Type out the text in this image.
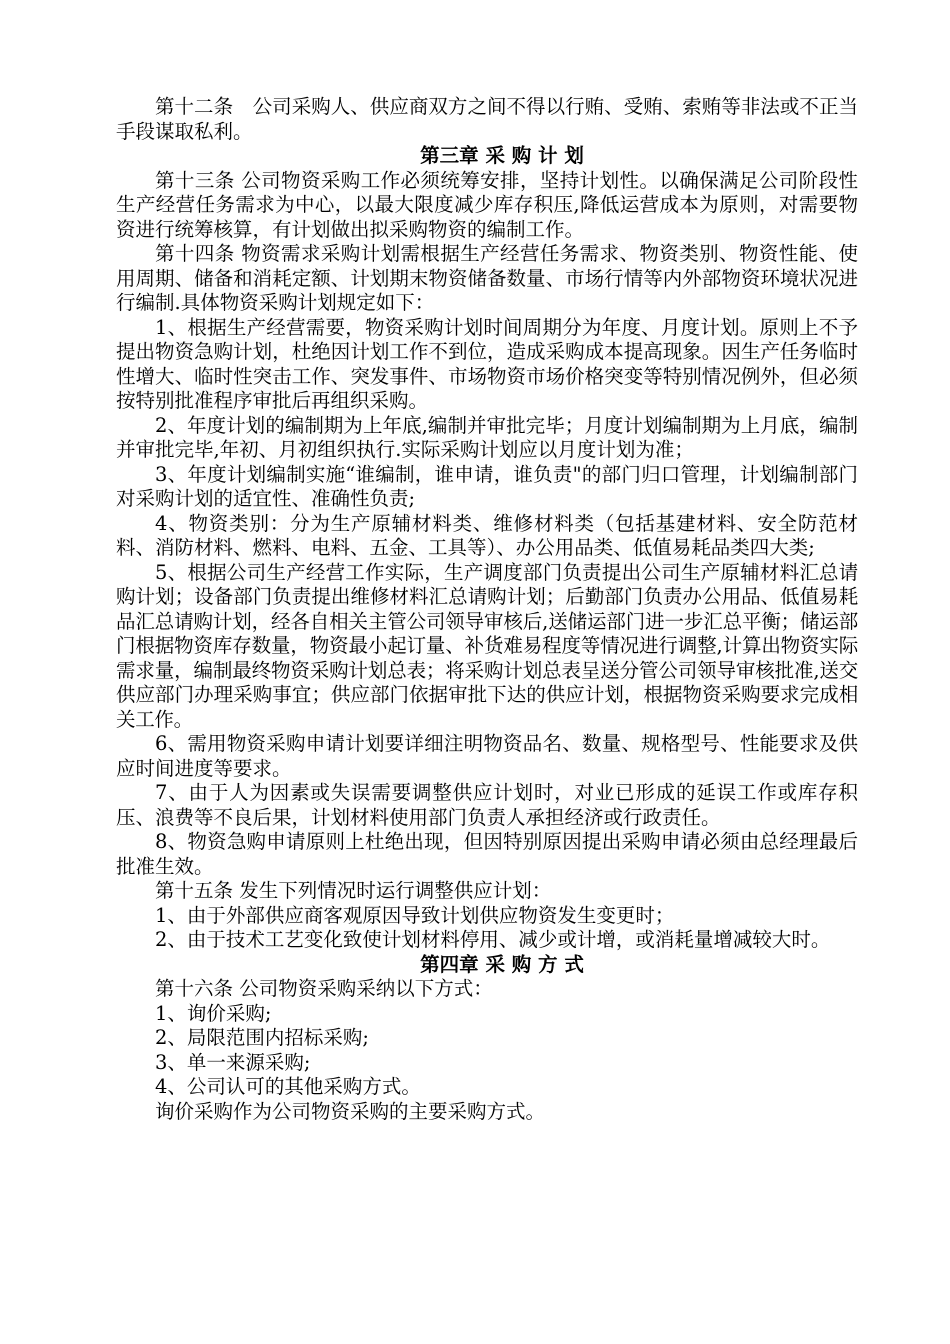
第十二条　公司采购人、供应商双方之间不得以行贿、受贿、索贿等非法或不正当手段谋取私利。

第三章 采 购 计 划

第十三条 公司物资采购工作必须统筹安排，坚持计划性。以确保满足公司阶段性生产经营任务需求为中心，以最大限度减少库存积压,降低运营成本为原则，对需要物资进行统筹核算，有计划做出拟采购物资的编制工作。

第十四条 物资需求采购计划需根据生产经营任务需求、物资类别、物资性能、使用周期、储备和消耗定额、计划期末物资储备数量、市场行情等内外部物资环境状况进行编制.具体物资采购计划规定如下：

1、根据生产经营需要，物资采购计划时间周期分为年度、月度计划。原则上不予提出物资急购计划，杜绝因计划工作不到位，造成采购成本提高现象。因生产任务临时性增大、临时性突击工作、突发事件、市场物资市场价格突变等特别情况例外，但必须按特别批准程序审批后再组织采购。

2、年度计划的编制期为上年底,编制并审批完毕；月度计划编制期为上月底，编制并审批完毕,年初、月初组织执行.实际采购计划应以月度计划为准；

3、年度计划编制实施“谁编制，谁申请，谁负责"的部门归口管理，计划编制部门对采购计划的适宜性、准确性负责;

4、物资类别：分为生产原辅材料类、维修材料类（包括基建材料、安全防范材料、消防材料、燃料、电料、五金、工具等）、办公用品类、低值易耗品类四大类;

5、根据公司生产经营工作实际，生产调度部门负责提出公司生产原辅材料汇总请购计划；设备部门负责提出维修材料汇总请购计划；后勤部门负责办公用品、低值易耗品汇总请购计划，经各自相关主管公司领导审核后,送储运部门进一步汇总平衡；储运部门根据物资库存数量，物资最小起订量、补货难易程度等情况进行调整,计算出物资实际需求量，编制最终物资采购计划总表；将采购计划总表呈送分管公司领导审核批准,送交供应部门办理采购事宜；供应部门依据审批下达的供应计划，根据物资采购要求完成相关工作。

6、需用物资采购申请计划要详细注明物资品名、数量、规格型号、性能要求及供应时间进度等要求。

7、由于人为因素或失误需要调整供应计划时，对业已形成的延误工作或库存积压、浪费等不良后果，计划材料使用部门负责人承担经济或行政责任。

8、物资急购申请原则上杜绝出现，但因特别原因提出采购申请必须由总经理最后批准生效。

第十五条 发生下列情况时运行调整供应计划：

1、由于外部供应商客观原因导致计划供应物资发生变更时；

2、由于技术工艺变化致使计划材料停用、减少或计增，或消耗量增减较大时。

第四章 采 购 方 式

第十六条 公司物资采购采纳以下方式：

1、询价采购;

2、局限范围内招标采购;

3、单一来源采购;

4、公司认可的其他采购方式。

询价采购作为公司物资采购的主要采购方式。
